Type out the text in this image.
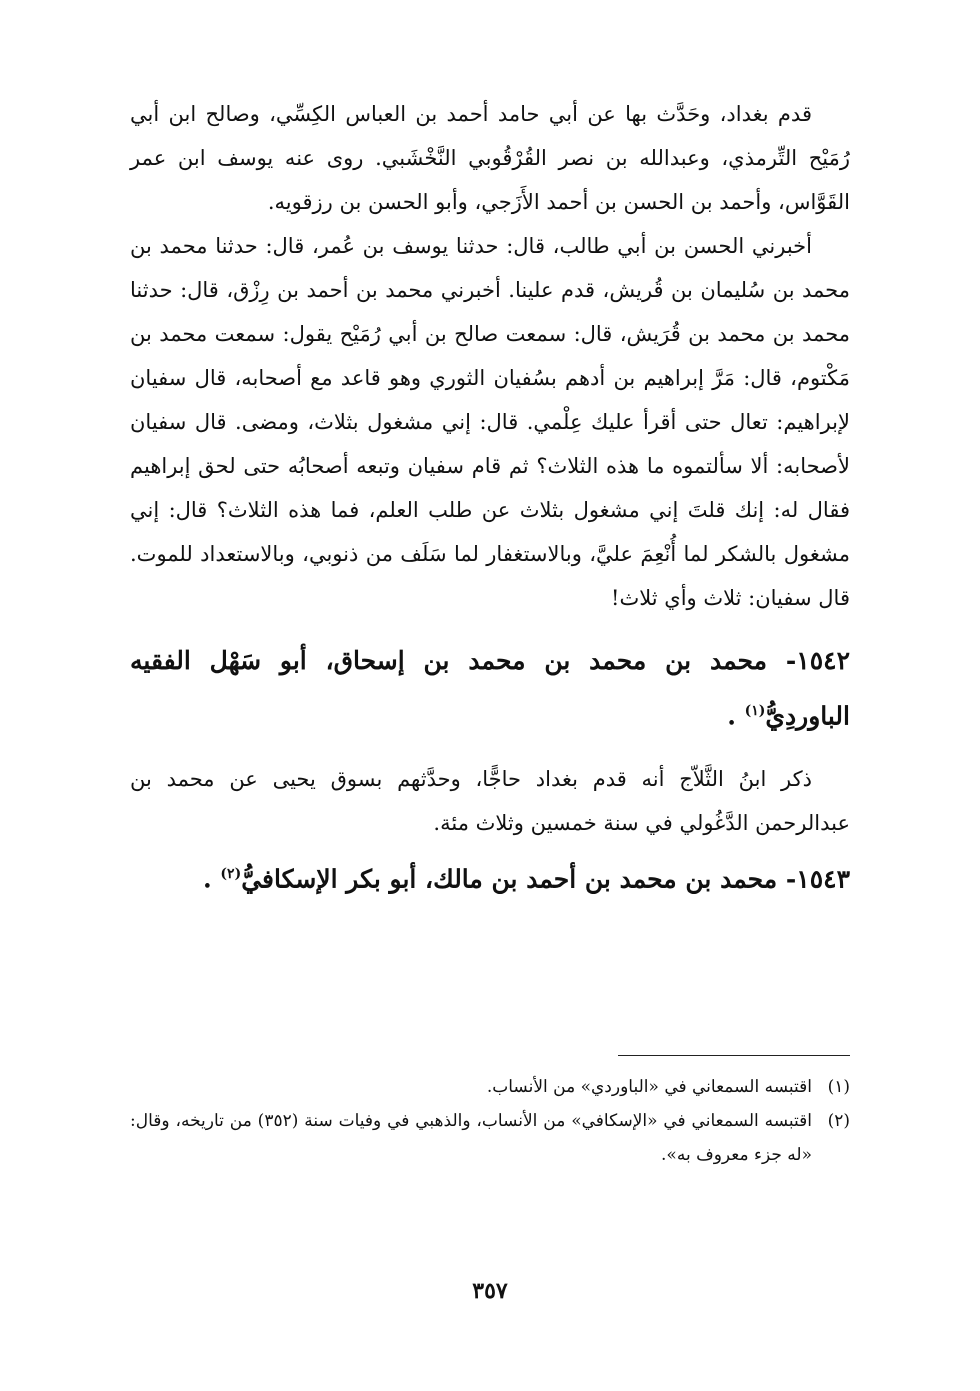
قدم بغداد، وحَدَّث بها عن أبي حامد أحمد بن العباس الكِسِّي، وصالح ابن أبي رُمَيْح التِّرمذي، وعبدالله بن نصر القُرْقُوبي النَّخْشَبي. روى عنه يوسف ابن عمر القَوَّاس، وأحمد بن الحسن بن أحمد الأَزَجي، وأبو الحسن بن رزقويه.

أخبرني الحسن بن أبي طالب، قال: حدثنا يوسف بن عُمر، قال: حدثنا محمد بن محمد بن سُليمان بن قُريش، قدم علينا. أخبرني محمد بن أحمد بن رِزْق، قال: حدثنا محمد بن محمد بن قُرَيش، قال: سمعت صالح بن أبي رُمَيْح يقول: سمعت محمد بن مَكْتوم، قال: مَرَّ إبراهيم بن أدهم بسُفيان الثوري وهو قاعد مع أصحابه، قال سفيان لإبراهيم: تعال حتى أقرأ عليك عِلْمي. قال: إني مشغول بثلاث، ومضى. قال سفيان لأصحابه: ألا سألتموه ما هذه الثلاث؟ ثم قام سفيان وتبعه أصحابُه حتى لحق إبراهيم فقال له: إنك قلتَ إني مشغول بثلاث عن طلب العلم، فما هذه الثلاث؟ قال: إني مشغول بالشكر لما أُنْعِمَ عليَّ، وبالاستغفار لما سَلَف من ذنوبي، وبالاستعداد للموت. قال سفيان: ثلاث وأي ثلاث!

١٥٤٢- محمد بن محمد بن محمد بن إسحاق، أبو سَهْل الفقيه الباوردِيُّ$^{(١)}$ .

ذكر ابنُ الثَّلاّج أنه قدم بغداد حاجًّا، وحدَّثهم بسوق يحيى عن محمد بن عبدالرحمن الدَّغُولي في سنة خمسين وثلاث مئة.

١٥٤٣- محمد بن محمد بن أحمد بن مالك، أبو بكر الإسكافيُّ$^{(٢)}$ .

(١)
اقتبسه السمعاني في «الباوردي» من الأنساب.
(٢)
اقتبسه السمعاني في «الإسكافي» من الأنساب، والذهبي في وفيات سنة (٣٥٢) من تاريخه، وقال: «له جزء معروف به».
٣٥٧
